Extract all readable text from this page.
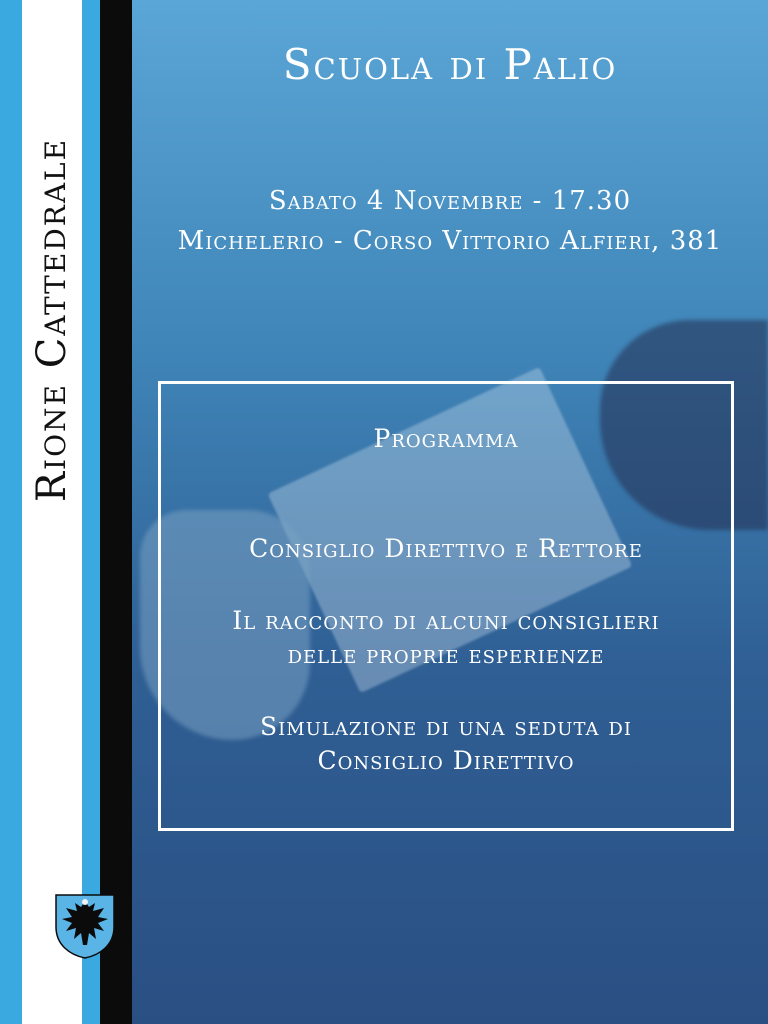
Rione Cattedrale
Scuola di Palio
Sabato 4 Novembre - 17.30
Michelerio - Corso Vittorio Alfieri, 381
Programma
Consiglio Direttivo e Rettore
Il racconto di alcuni consiglieri delle proprie esperienze
Simulazione di una seduta di Consiglio Direttivo
